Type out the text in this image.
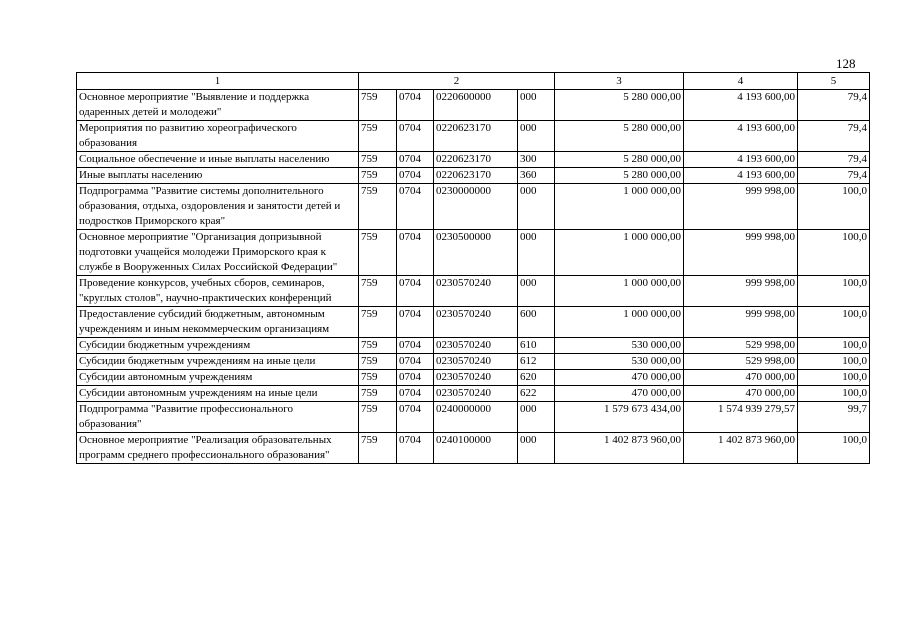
128
1	2				3	4	5
Основное мероприятие "Выявление и поддержка одаренных детей и молодежи"	759	0704	0220600000	000	5 280 000,00	4 193 600,00	79,4
Мероприятия по развитию хореографического образования	759	0704	0220623170	000	5 280 000,00	4 193 600,00	79,4
Социальное обеспечение и иные выплаты населению	759	0704	0220623170	300	5 280 000,00	4 193 600,00	79,4
Иные выплаты населению	759	0704	0220623170	360	5 280 000,00	4 193 600,00	79,4
Подпрограмма "Развитие системы дополнительного образования, отдыха, оздоровления и занятости детей и подростков Приморского края"	759	0704	0230000000	000	1 000 000,00	999 998,00	100,0
Основное мероприятие "Организация допризывной подготовки учащейся молодежи Приморского края к службе в Вооруженных Силах Российской Федерации"	759	0704	0230500000	000	1 000 000,00	999 998,00	100,0
Проведение конкурсов, учебных сборов, семинаров, "круглых столов", научно-практических конференций	759	0704	0230570240	000	1 000 000,00	999 998,00	100,0
Предоставление субсидий бюджетным, автономным учреждениям и иным некоммерческим организациям	759	0704	0230570240	600	1 000 000,00	999 998,00	100,0
Субсидии бюджетным учреждениям	759	0704	0230570240	610	530 000,00	529 998,00	100,0
Субсидии бюджетным учреждениям на иные цели	759	0704	0230570240	612	530 000,00	529 998,00	100,0
Субсидии автономным учреждениям	759	0704	0230570240	620	470 000,00	470 000,00	100,0
Субсидии автономным учреждениям на иные цели	759	0704	0230570240	622	470 000,00	470 000,00	100,0
Подпрограмма "Развитие профессионального образования"	759	0704	0240000000	000	1 579 673 434,00	1 574 939 279,57	99,7
Основное мероприятие "Реализация образовательных программ среднего профессионального образования"	759	0704	0240100000	000	1 402 873 960,00	1 402 873 960,00	100,0
